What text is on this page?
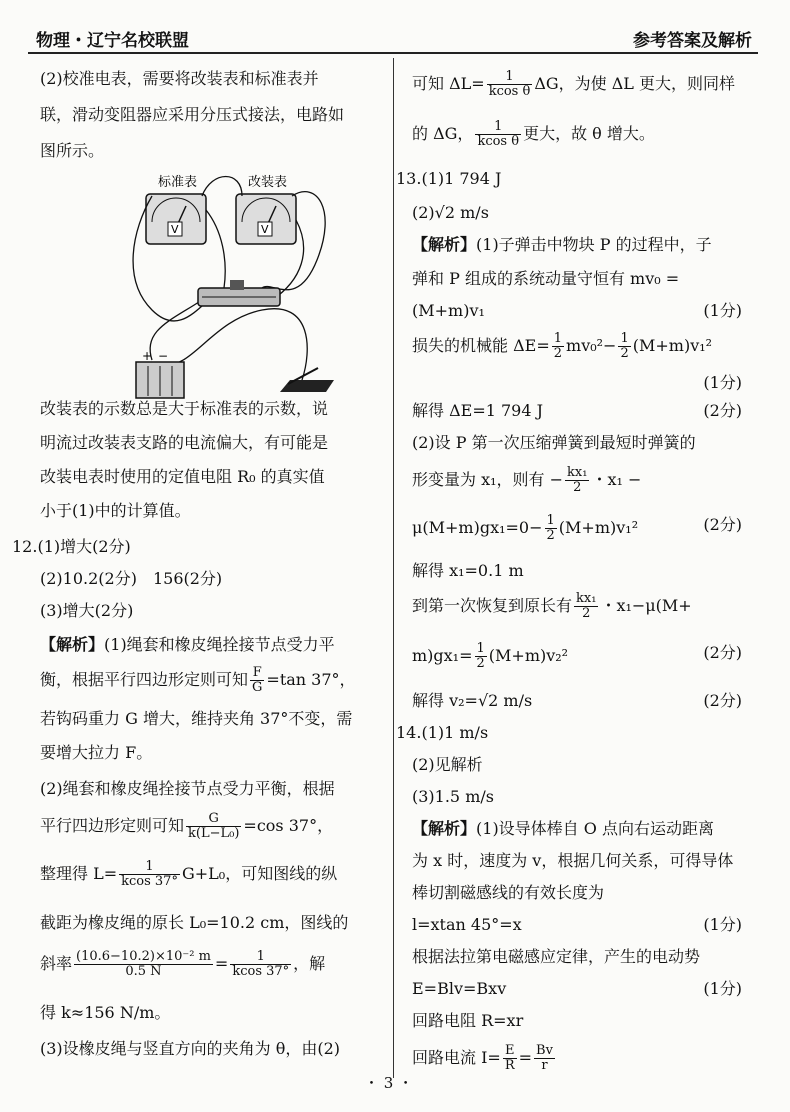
物理・辽宁名校联盟	参考答案及解析
(2)校准电表，需要将改装表和标准表并
联，滑动变阻器应采用分压式接法，电路如
图所示。
标准表	改装表
V	V
+ −
改装表的示数总是大于标准表的示数，说
明流过改装表支路的电流偏大，有可能是
改装电表时使用的定值电阻 R₀ 的真实值
小于(1)中的计算值。
12.(1)增大(2分)
(2)10.2(2分)　156(2分)
(3)增大(2分)
【解析】(1)绳套和橡皮绳拴接节点受力平
衡，根据平行四边形定则可知 $\frac{F}{G} =\tan$ 37°，
若钩码重力 G 增大，维持夹角 37°不变，需
要增大拉力 F。
(2)绳套和橡皮绳拴接节点受力平衡，根据
平行四边形定则可知 $\frac{G}{\text{k(L−L₀)}} =\cos$ 37°，
整理得 $L= \frac{1}{kcos 37^\circ} G+L_0$，可知图线的纵
截距为橡皮绳的原长 L₀=10.2 cm，图线的
斜率 $\frac{\text{(10.6−10.2)×10⁻² m}}{0.5 N} = \frac{1}{kcos 37^\circ}$ ，解
得 k≈156 N/m。
(3)设橡皮绳与竖直方向的夹角为 θ，由(2)
可知 $\Delta L= \frac{1}{\text{kcos θ}}$ ΔG，为使 ΔL 更大，则同样
的 ΔG， $\frac{1}{\text{kcos θ}}$ 更大，故 θ 增大。
13.(1)1 794 J
(2)√2 m/s
【解析】(1)子弹击中物块 P 的过程中，子
弹和 P 组成的系统动量守恒有 mv₀ =
(M+m)v₁	(1分)
损失的机械能 $\Delta E= \frac{1}{2} mv_0^2- \frac{1}{2} (M+m)v_1^2$
(1分)
解得 ΔE=1 794 J	(2分)
(2)设 P 第一次压缩弹簧到最短时弹簧的
形变量为 x₁，则有 − $\frac{\text{kx₁}}{2}$ ・x₁ −
$\mu(M+m)gx_1=0- \frac{1}{2} (M+m)v_1^2$	(2分)
解得 x₁=0.1 m
到第一次恢复到原长有 $\frac{\text{kx₁}}{2}$ ・x₁−μ(M+
$m)gx_1= \frac{1}{2} (M+m)v_2^2$	(2分)
解得 v₂=√2 m/s	(2分)
14.(1)1 m/s
(2)见解析
(3)1.5 m/s
【解析】(1)设导体棒自 O 点向右运动距离
为 x 时，速度为 v，根据几何关系，可得导体
棒切割磁感线的有效长度为
l=xtan 45°=x	(1分)
根据法拉第电磁感应定律，产生的电动势
E=Blv=Bxv	(1分)
回路电阻 R=xr
回路电流 $I= \frac{E}{R} = \frac{Bv}{r}$
・ 3 ・
